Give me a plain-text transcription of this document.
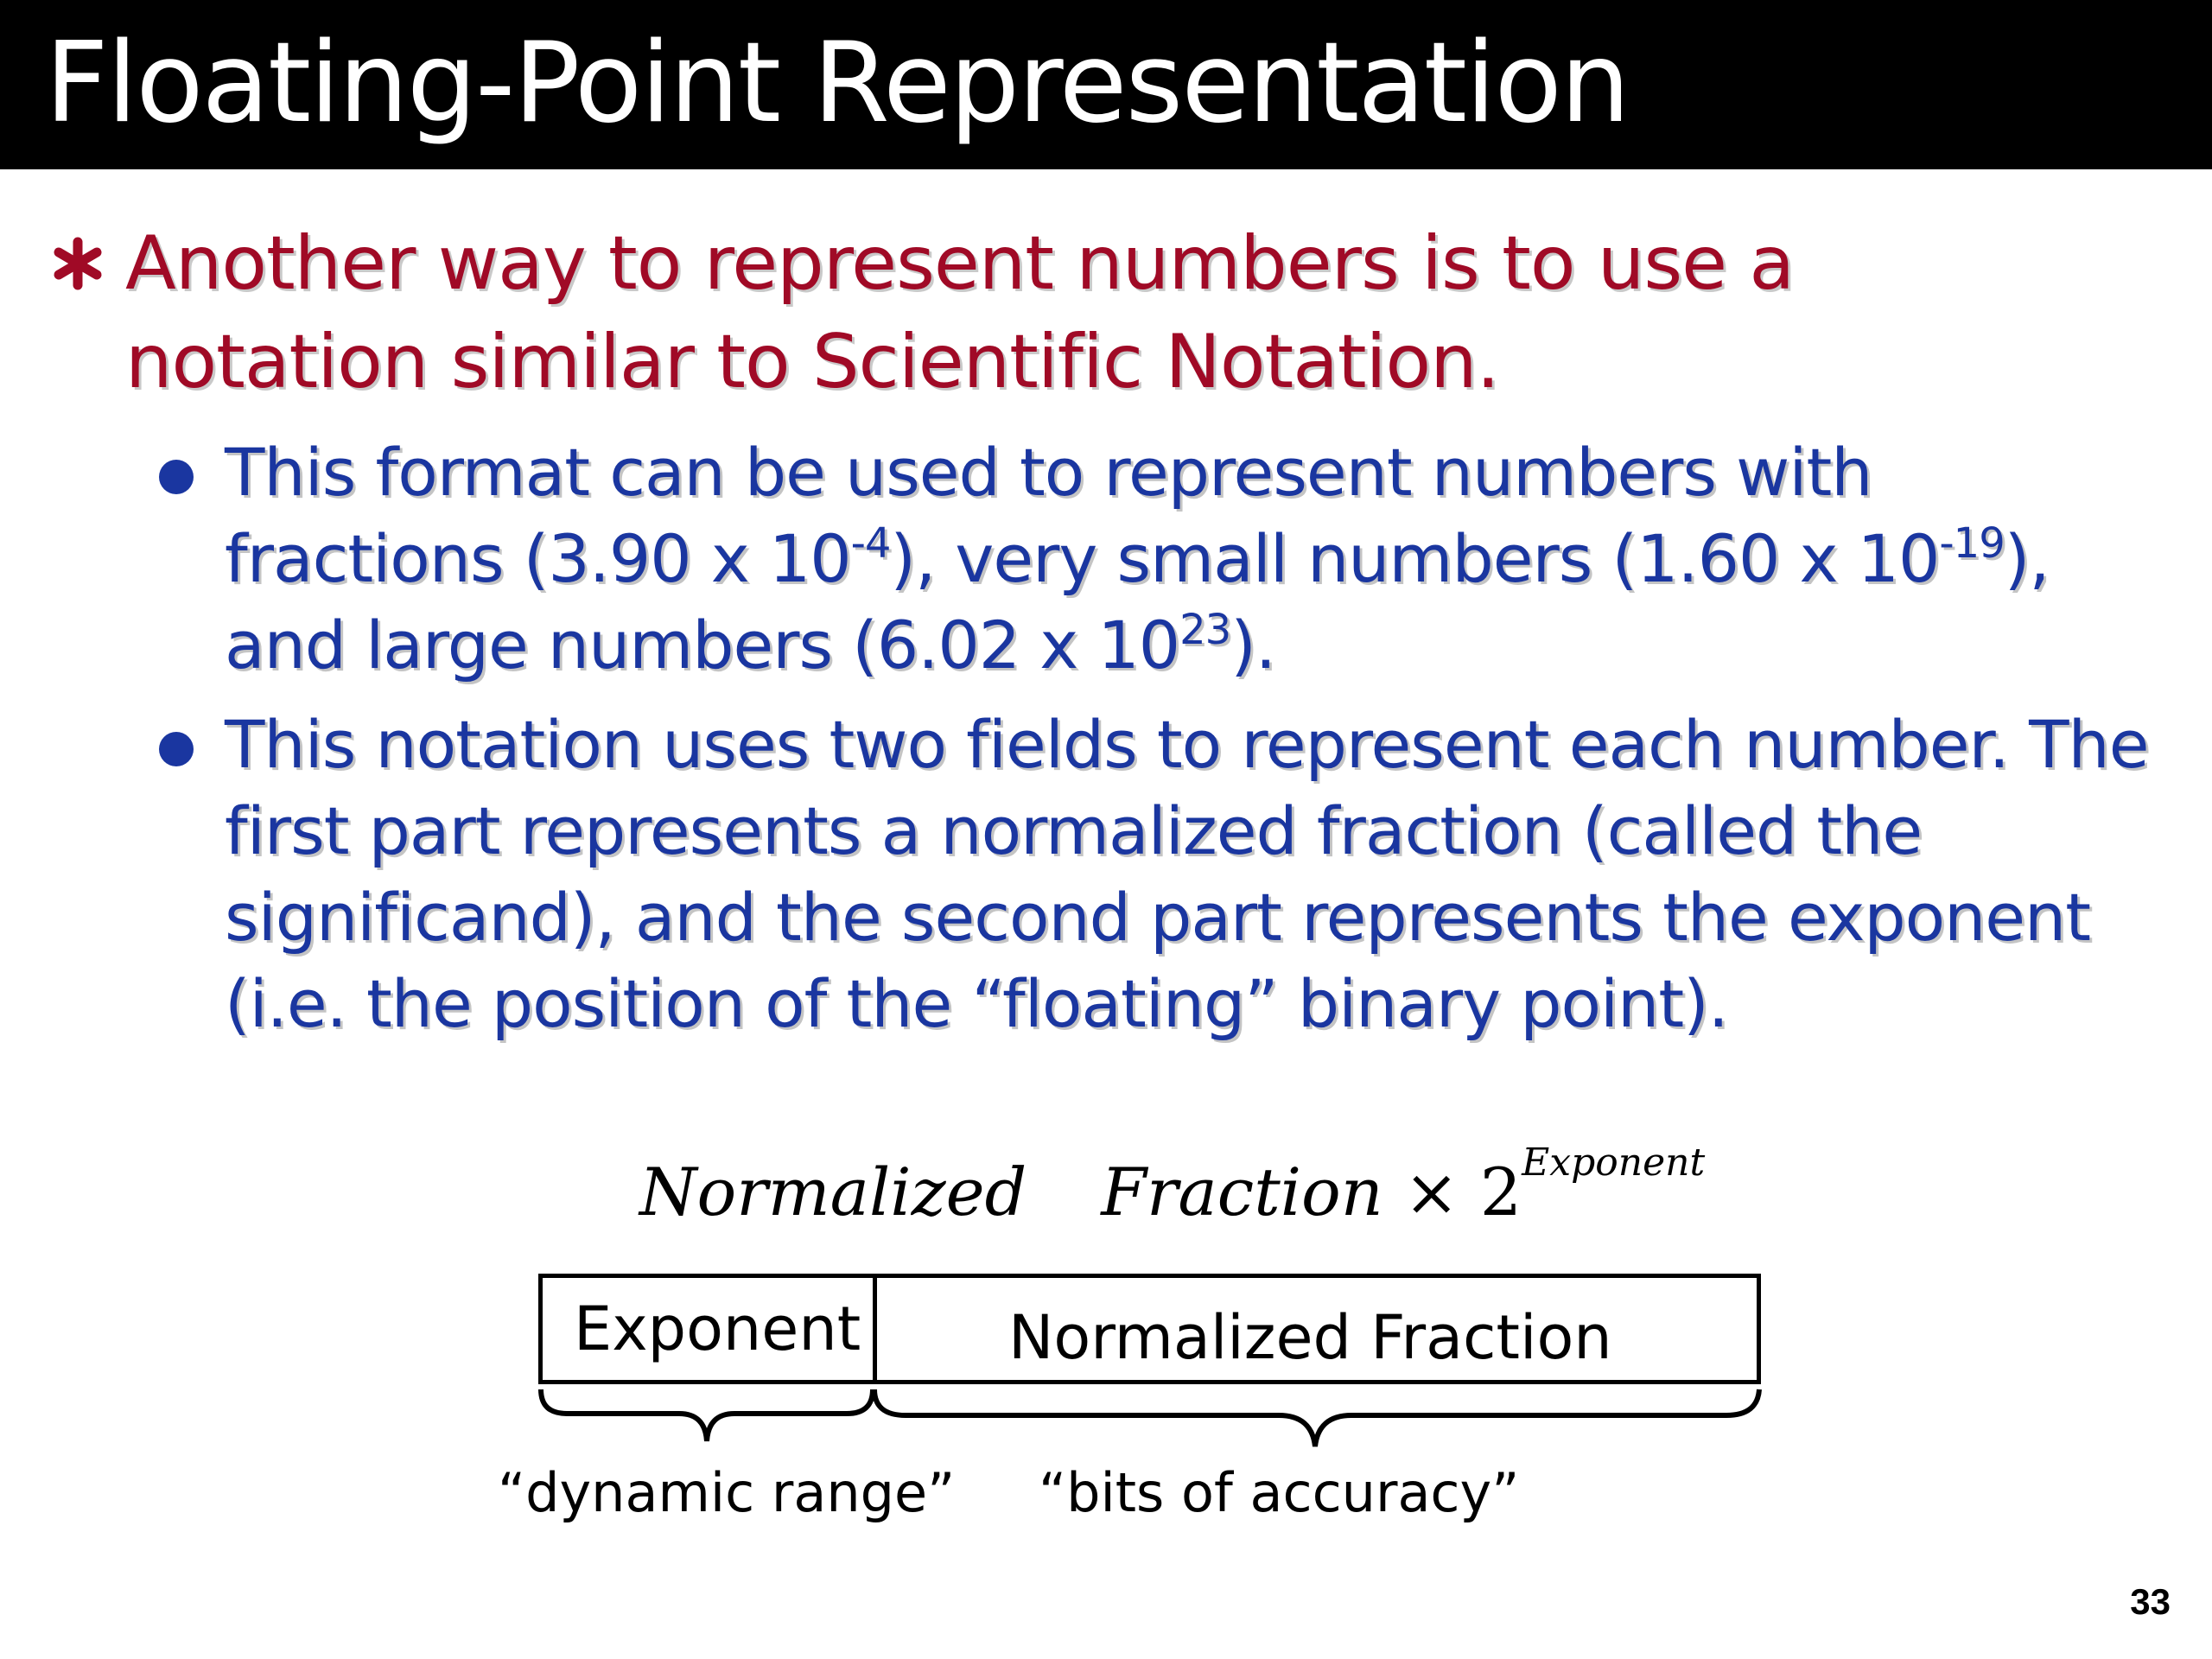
Floating-Point Representation
Another way to represent numbers is to use a notation similar to Scientific Notation.
This format can be used to represent numbers with fractions (3.90 x $10^{-4}$), very small numbers (1.60 x $10^{-19}$), and large numbers (6.02 x $10^{23}$).
This notation uses two fields to represent each number. The first part represents a normalized fraction (called the significand), and the second part represents the exponent (i.e. the position of the “floating” binary point).
Normalized Fraction × $2^{Exponent}$
Exponent Normalized Fraction
“dynamic range” “bits of accuracy”
33
